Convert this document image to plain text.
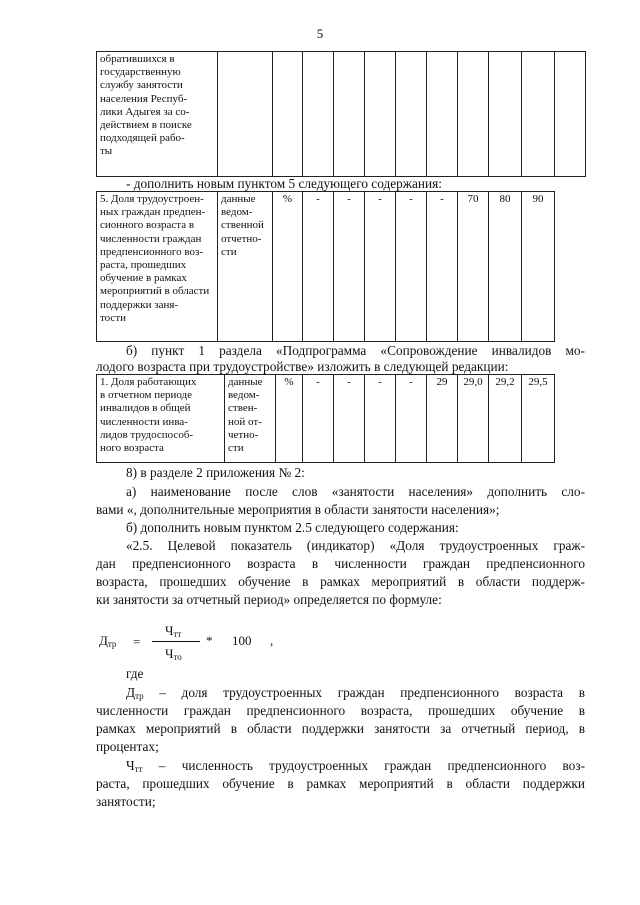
5
обратившихся в
государственную
службу занятости
населения Респуб-
лики Адыгея за со-
действием в поиске
подходящей рабо-
ты											
- дополнить новым пунктом 5 следующего содержания:
5. Доля трудоустроен-
ных граждан предпен-
сионного возраста в
численности граждан
предпенсионного воз-
раста, прошедших
обучение в рамках
мероприятий в области
поддержки заня-
тости	данные
ведом-
ственной
отчетно-
сти	%	-	-	-	-	-	70	80	90
б) пункт 1 раздела «Подпрограмма «Сопровождение инвалидов мо-
лодого возраста при трудоустройстве» изложить в следующей редакции:
1. Доля работающих
в отчетном периоде
инвалидов в общей
численности инва-
лидов трудоспособ-
ного возраста	данные
ведом-
ствен-
ной от-
четно-
сти	%	-	-	-	-	29	29,0	29,2	29,5
8) в разделе 2 приложения № 2:
а) наименование после слов «занятости населения» дополнить сло-
вами «, дополнительные мероприятия в области занятости населения»;
б) дополнить новым пунктом 2.5 следующего содержания:
«2.5. Целевой показатель (индикатор) «Доля трудоустроенных граж-
дан предпенсионного возраста в численности граждан предпенсионного
возраста, прошедших обучение в рамках мероприятий в области поддерж-
ки занятости за отчетный период» определяется по формуле:
Дтр =
Чтт
Что
* 100 ,
где
Дтр – доля трудоустроенных граждан предпенсионного возраста в
численности граждан предпенсионного возраста, прошедших обучение в
рамках мероприятий в области поддержки занятости за отчетный период, в
процентах;
Чтт – численность трудоустроенных граждан предпенсионного воз-
раста, прошедших обучение в рамках мероприятий в области поддержки
занятости;
